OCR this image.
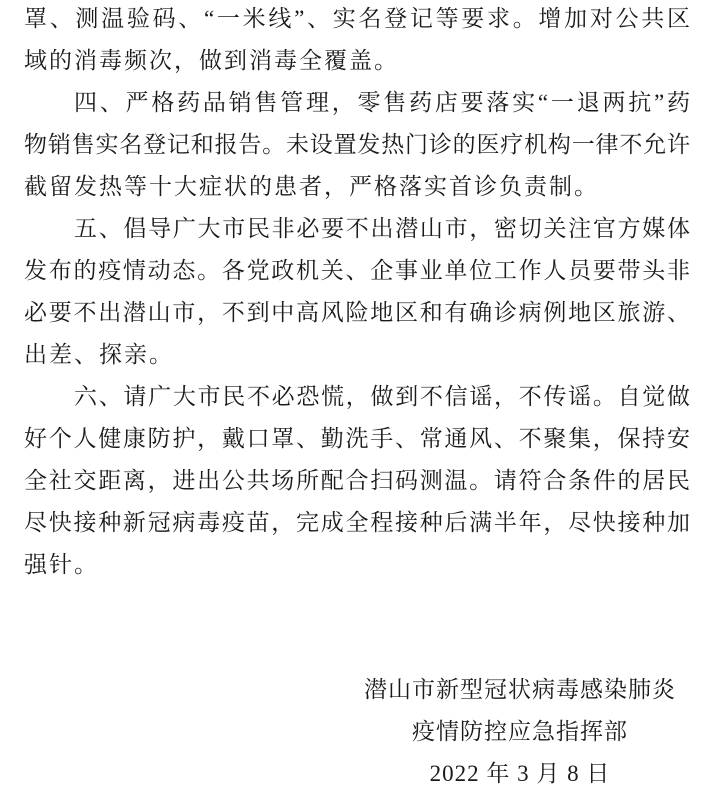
罩、测温验码、“一米线”、实名登记等要求。增加对公共区
域的消毒频次，做到消毒全覆盖。
四、严格药品销售管理，零售药店要落实“一退两抗”药
物销售实名登记和报告。未设置发热门诊的医疗机构一律不允许
截留发热等十大症状的患者，严格落实首诊负责制。
五、倡导广大市民非必要不出潜山市，密切关注官方媒体
发布的疫情动态。各党政机关、企事业单位工作人员要带头非
必要不出潜山市，不到中高风险地区和有确诊病例地区旅游、
出差、探亲。
六、请广大市民不必恐慌，做到不信谣，不传谣。自觉做
好个人健康防护，戴口罩、勤洗手、常通风、不聚集，保持安
全社交距离，进出公共场所配合扫码测温。请符合条件的居民
尽快接种新冠病毒疫苗，完成全程接种后满半年，尽快接种加
强针。
潜山市新型冠状病毒感染肺炎
疫情防控应急指挥部
2022 年 3 月 8 日
